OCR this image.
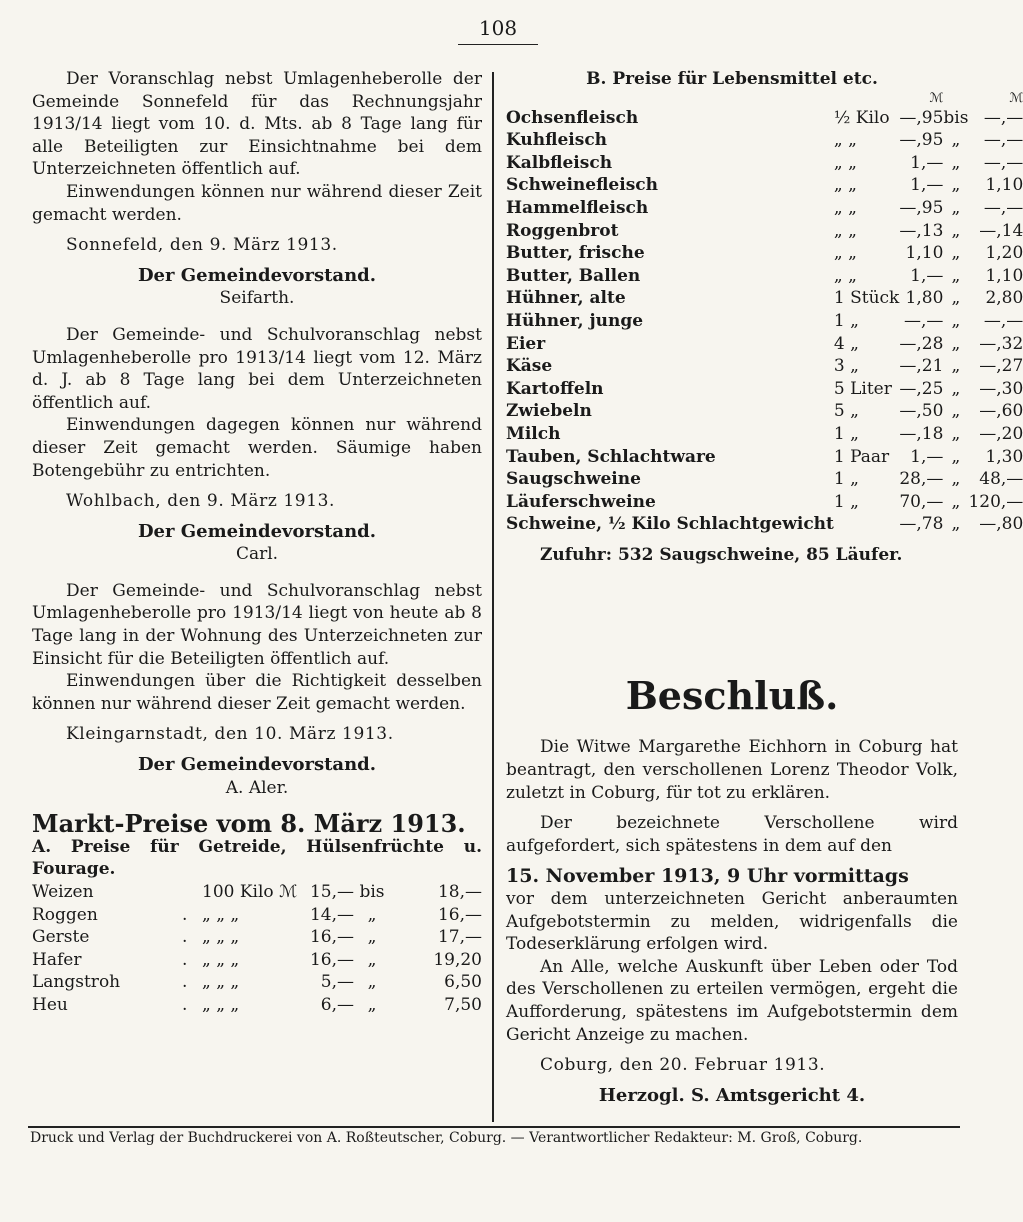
108

Der Voranschlag nebst Umlagenheberolle der Gemeinde Sonnefeld für das Rechnungsjahr 1913/14 liegt vom 10. d. Mts. ab 8 Tage lang für alle Beteiligten zur Einsichtnahme bei dem Unterzeichneten öffentlich auf.

Einwendungen können nur während dieser Zeit gemacht werden.

Sonnefeld, den 9. März 1913.

Der Gemeindevorstand.

Seifarth.

Der Gemeinde- und Schulvoranschlag nebst Umlagenheberolle pro 1913/14 liegt vom 12. März d. J. ab 8 Tage lang bei dem Unterzeichneten öffentlich auf.

Einwendungen dagegen können nur während dieser Zeit gemacht werden. Säumige haben Botengebühr zu entrichten.

Wohlbach, den 9. März 1913.

Der Gemeindevorstand.

Carl.

Der Gemeinde- und Schulvoranschlag nebst Umlagenheberolle pro 1913/14 liegt von heute ab 8 Tage lang in der Wohnung des Unterzeichneten zur Einsicht für die Beteiligten öffentlich auf.

Einwendungen über die Richtigkeit desselben können nur während dieser Zeit gemacht werden.

Kleingarnstadt, den 10. März 1913.

Der Gemeindevorstand.

A. Aler.

Markt-Preise vom 8. März 1913.

A. Preise für Getreide, Hülsenfrüchte u. Fourage.

Weizen		100 Kilo ℳ	15,—	bis	18,—
Roggen	.	„ „ „	14,—	„	16,—
Gerste	.	„ „ „	16,—	„	17,—
Hafer	.	„ „ „	16,—	„	19,20
Langstroh	.	„ „ „	5,—	„	6,50
Heu	.	„ „ „	6,—	„	7,50

B. Preise für Lebensmittel etc.

		ℳ		ℳ
Ochsenfleisch	½ Kilo	—,95	bis	—,—
Kuhfleisch	„ „	—,95	„	—,—
Kalbfleisch	„ „	1,—	„	—,—
Schweinefleisch	„ „	1,—	„	1,10
Hammelfleisch	„ „	—,95	„	—,—
Roggenbrot	„ „	—,13	„	—,14
Butter, frische	„ „	1,10	„	1,20
Butter, Ballen	„ „	1,—	„	1,10
Hühner, alte	1 Stück	1,80	„	2,80
Hühner, junge	1 „	—,—	„	—,—
Eier	4 „	—,28	„	—,32
Käse	3 „	—,21	„	—,27
Kartoffeln	5 Liter	—,25	„	—,30
Zwiebeln	5 „	—,50	„	—,60
Milch	1 „	—,18	„	—,20
Tauben, Schlachtware	1 Paar	1,—	„	1,30
Saugschweine	1 „	28,—	„	48,—
Läuferschweine	1 „	70,—	„	120,—
Schweine, ½ Kilo Schlachtgewicht		—,78	„	—,80

Zufuhr: 532 Saugschweine, 85 Läufer.

Beschluß.

Die Witwe Margarethe Eichhorn in Coburg hat beantragt, den verschollenen Lorenz Theodor Volk, zuletzt in Coburg, für tot zu erklären.

Der bezeichnete Verschollene wird aufgefordert, sich spätestens in dem auf den

15. November 1913, 9 Uhr vormittags

vor dem unterzeichneten Gericht anberaumten Aufgebotstermin zu melden, widrigenfalls die Todeserklärung erfolgen wird.

An Alle, welche Auskunft über Leben oder Tod des Verschollenen zu erteilen vermögen, ergeht die Aufforderung, spätestens im Aufgebotstermin dem Gericht Anzeige zu machen.

Coburg, den 20. Februar 1913.

Herzogl. S. Amtsgericht 4.

Druck und Verlag der Buchdruckerei von A. Roßteutscher, Coburg. — Verantwortlicher Redakteur: M. Groß, Coburg.
